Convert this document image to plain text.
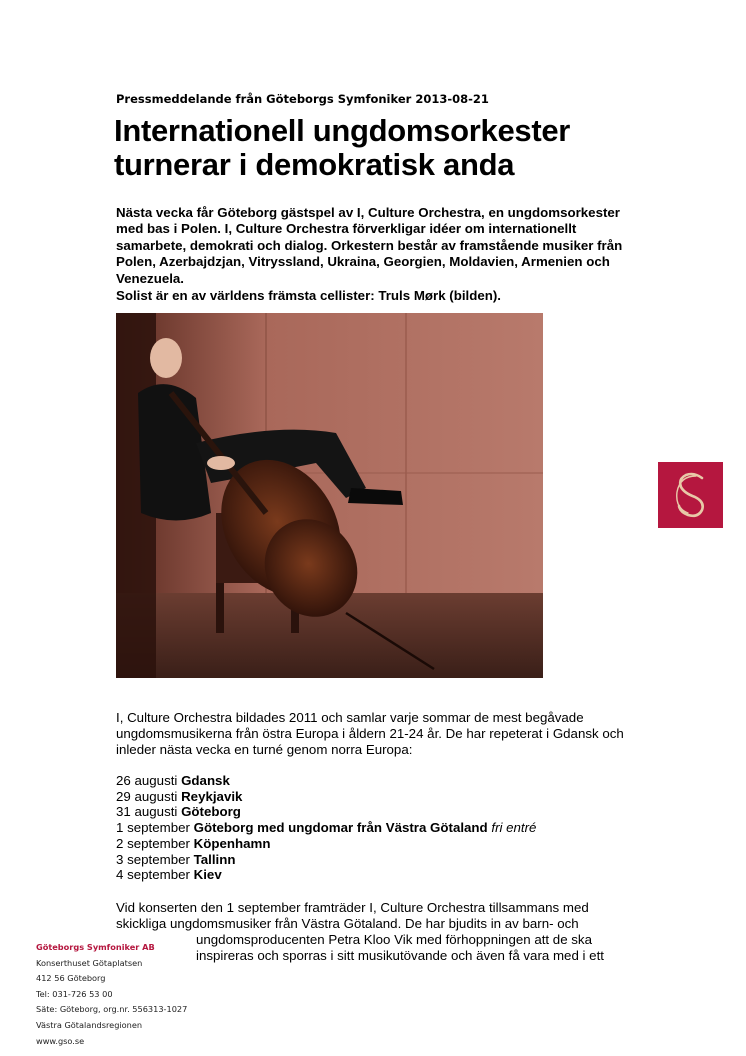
Pressmeddelande från Göteborgs Symfoniker 2013-08-21
Internationell ungdomsorkester
turnerar i demokratisk anda

Nästa vecka får Göteborg gästspel av I, Culture Orchestra, en ungdomsorkester med bas i Polen. I, Culture Orchestra förverkligar idéer om internationellt samarbete, demokrati och dialog. Orkestern består av framstående musiker från Polen, Azerbajdzjan, Vitryssland, Ukraina, Georgien, Moldavien, Armenien och Venezuela.

Solist är en av världens främsta cellister: Truls Mørk (bilden).

I, Culture Orchestra bildades 2011 och samlar varje sommar de mest begåvade ungdomsmusikerna från östra Europa i åldern 21-24 år. De har repeterat i Gdansk och inleder nästa vecka en turné genom norra Europa:

26 augusti Gdansk
29 augusti Reykjavik
31 augusti Göteborg
1 september Göteborg med ungdomar från Västra Götaland fri entré
2 september Köpenhamn
3 september Tallinn
4 september Kiev

Vid konserten den 1 september framträder I, Culture Orchestra tillsammans med
skickliga ungdomsmusiker från Västra Götaland. De har bjudits in av barn- och

ungdomsproducenten Petra Kloo Vik med förhoppningen att de ska
inspireras och sporras i sitt musikutövande och även få vara med i ett

Göteborgs Symfoniker AB
Konserthuset Götaplatsen
412 56 Göteborg
Tel: 031-726 53 00
Säte: Göteborg, org.nr. 556313-1027
Västra Götalandsregionen
www.gso.se
